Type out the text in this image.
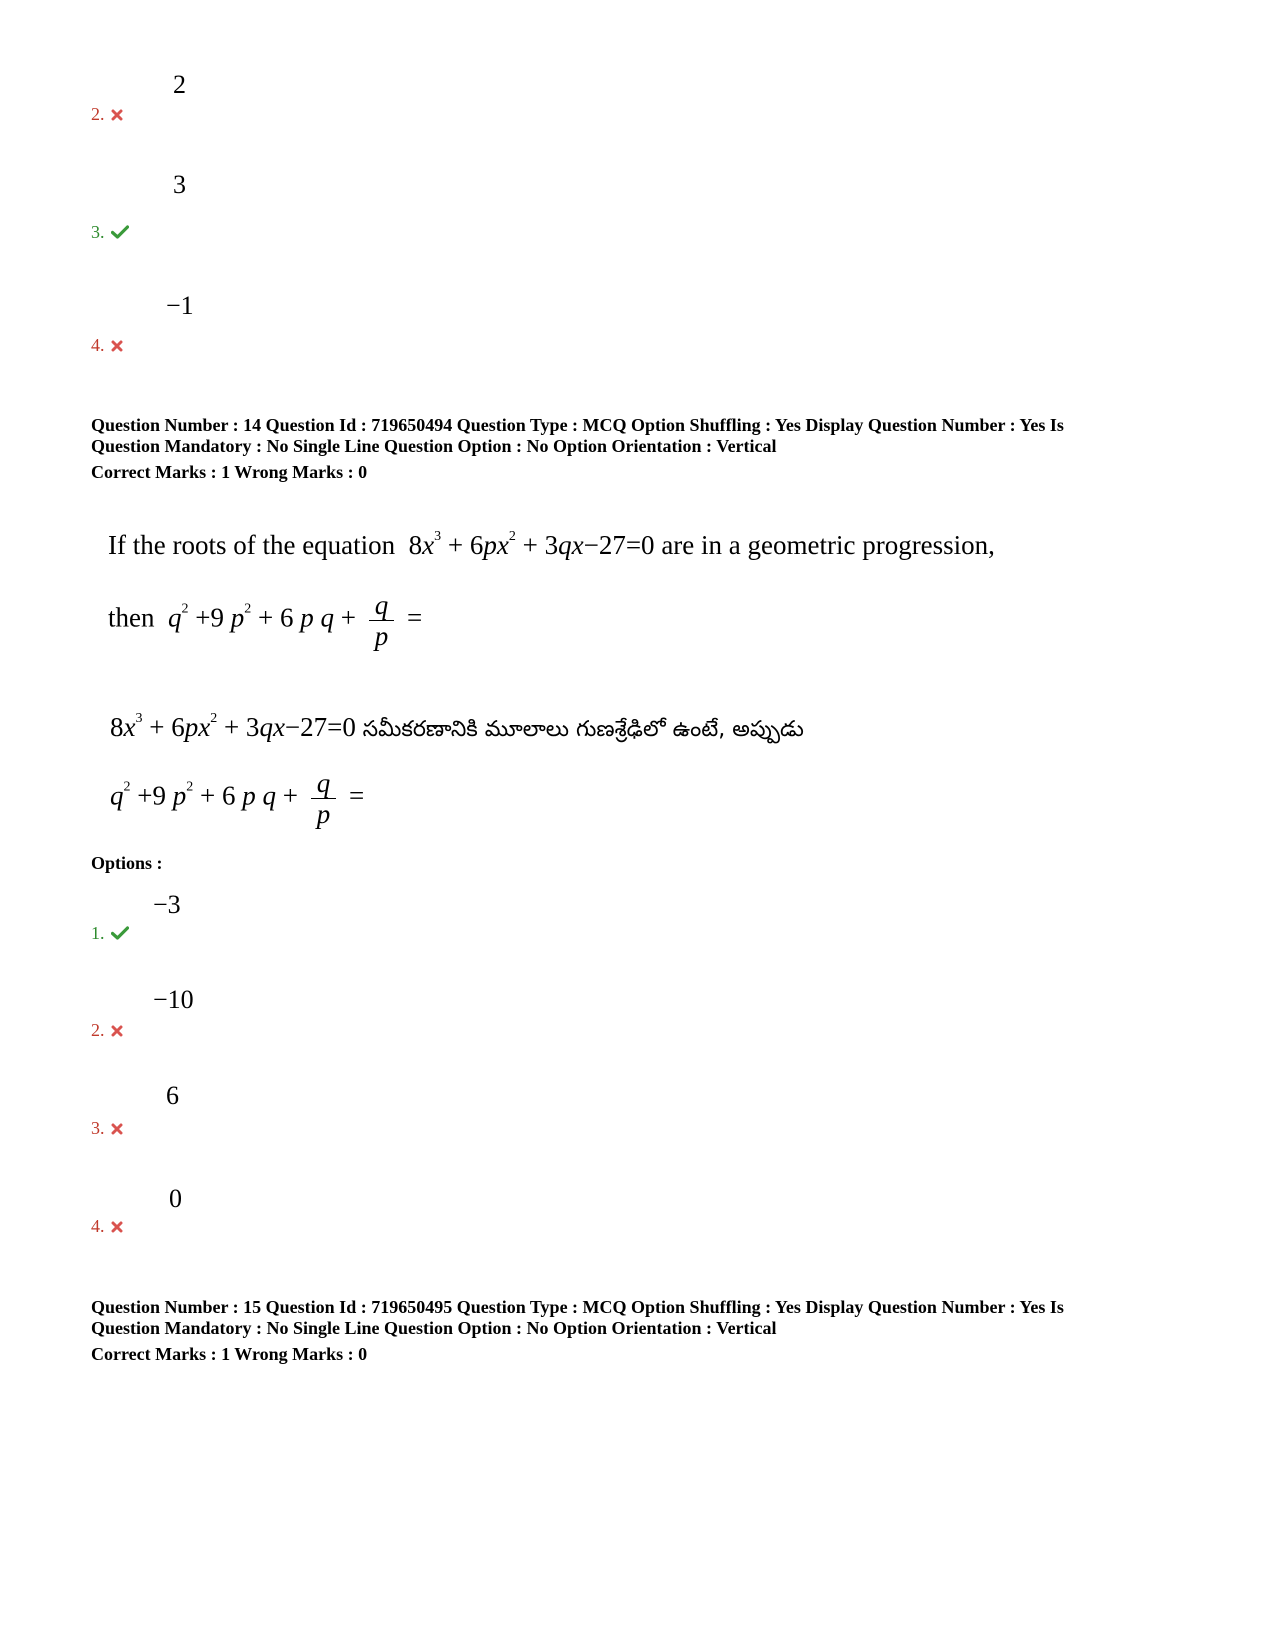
2
2.
3
3.
−1
4.
Question Number : 14 Question Id : 719650494 Question Type : MCQ Option Shuffling : Yes Display Question Number : Yes Is
Question Mandatory : No Single Line Question Option : No Option Orientation : Vertical
Correct Marks : 1 Wrong Marks : 0
If the roots of the equation $8x^3 + 6px^2 + 3qx-27=0$ are in a geometric progression,
then $q^2 +9$ $p^2 + 6$ p $q + \frac{q}{p}$ =
$8x^3 + 6px^2 + 3qx-27=0$ సమీకరణానికి మూలాలు గుణశ్రేఢిలో ఉంటే, అప్పుడు
$q^2 +9$ $p^2 + 6$ p $q + \frac{q}{p}$ =
Options :
−3
1.
−10
2.
6
3.
0
4.
Question Number : 15 Question Id : 719650495 Question Type : MCQ Option Shuffling : Yes Display Question Number : Yes Is
Question Mandatory : No Single Line Question Option : No Option Orientation : Vertical
Correct Marks : 1 Wrong Marks : 0
